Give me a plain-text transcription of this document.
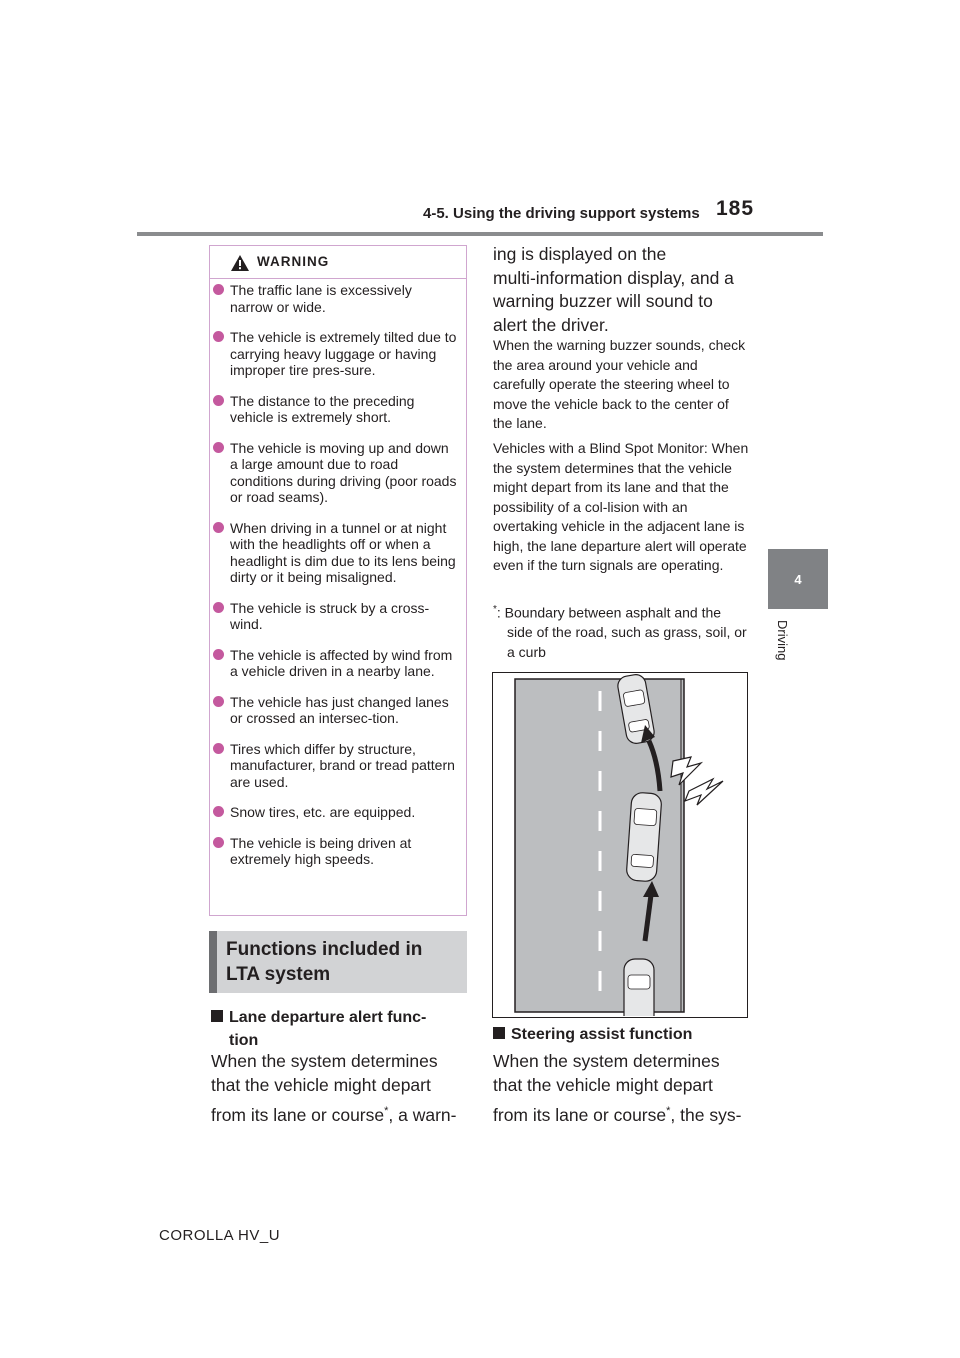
4-5. Using the driving support systems 185
4
Driving
WARNING
The traffic lane is excessively narrow or wide.
The vehicle is extremely tilted due to carrying heavy luggage or having improper tire pres-sure.
The distance to the preceding vehicle is extremely short.
The vehicle is moving up and down a large amount due to road conditions during driving (poor roads or road seams).
When driving in a tunnel or at night with the headlights off or when a headlight is dim due to its lens being dirty or it being misaligned.
The vehicle is struck by a cross-wind.
The vehicle is affected by wind from a vehicle driven in a nearby lane.
The vehicle has just changed lanes or crossed an intersec-tion.
Tires which differ by structure, manufacturer, brand or tread pattern are used.
Snow tires, etc. are equipped.
The vehicle is being driven at extremely high speeds.
Functions included in LTA system
Lane departure alert func-
tion
When the system determines
that the vehicle might depart
from its lane or course*, a warn-
ing is displayed on the
multi-information display, and a
warning buzzer will sound to
alert the driver.
When the warning buzzer sounds, check the area around your vehicle and carefully operate the steering wheel to move the vehicle back to the center of the lane.
Vehicles with a Blind Spot Monitor: When the system determines that the vehicle might depart from its lane and that the possibility of a col-lision with an overtaking vehicle in the adjacent lane is high, the lane departure alert will operate even if the turn signals are operating.
*: Boundary between asphalt and the side of the road, such as grass, soil, or a curb
Steering assist function
When the system determines
that the vehicle might depart
from its lane or course*, the sys-
COROLLA HV_U
